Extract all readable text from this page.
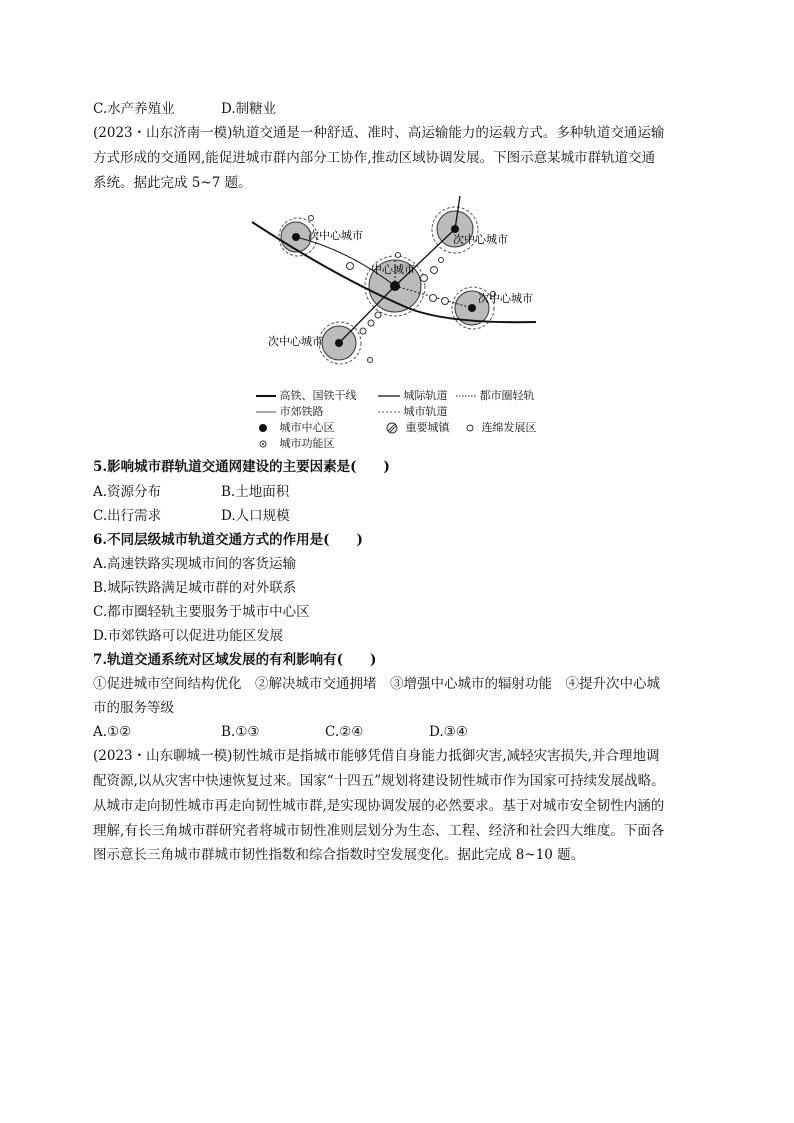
C.水产养殖业	D.制糖业
(2023・山东济南一模)轨道交通是一种舒适、准时、高运输能力的运载方式。多种轨道交通运输
方式形成的交通网,能促进城市群内部分工协作,推动区域协调发展。下图示意某城市群轨道交通
系统。据此完成 5~7 题。
次中心城市	次中心城市
中心城市
次中心城市
次中心城市
高铁、国铁干线	城际轨道	都市圈轻轨
市郊铁路	城市轨道
城市中心区	重要城镇	连绵发展区
城市功能区
5.影响城市群轨道交通网建设的主要因素是(　　)
A.资源分布	B.土地面积
C.出行需求	D.人口规模
6.不同层级城市轨道交通方式的作用是(　　)
A.高速铁路实现城市间的客货运输
B.城际铁路满足城市群的对外联系
C.都市圈轻轨主要服务于城市中心区
D.市郊铁路可以促进功能区发展
7.轨道交通系统对区域发展的有利影响有(　　)
①促进城市空间结构优化　②解决城市交通拥堵　③增强中心城市的辐射功能　④提升次中心城
市的服务等级
A.①②	B.①③	C.②④	D.③④
(2023・山东聊城一模)韧性城市是指城市能够凭借自身能力抵御灾害,减轻灾害损失,并合理地调
配资源,以从灾害中快速恢复过来。国家“十四五”规划将建设韧性城市作为国家可持续发展战略。
从城市走向韧性城市再走向韧性城市群,是实现协调发展的必然要求。基于对城市安全韧性内涵的
理解,有长三角城市群研究者将城市韧性准则层划分为生态、工程、经济和社会四大维度。下面各
图示意长三角城市群城市韧性指数和综合指数时空发展变化。据此完成 8~10 题。
